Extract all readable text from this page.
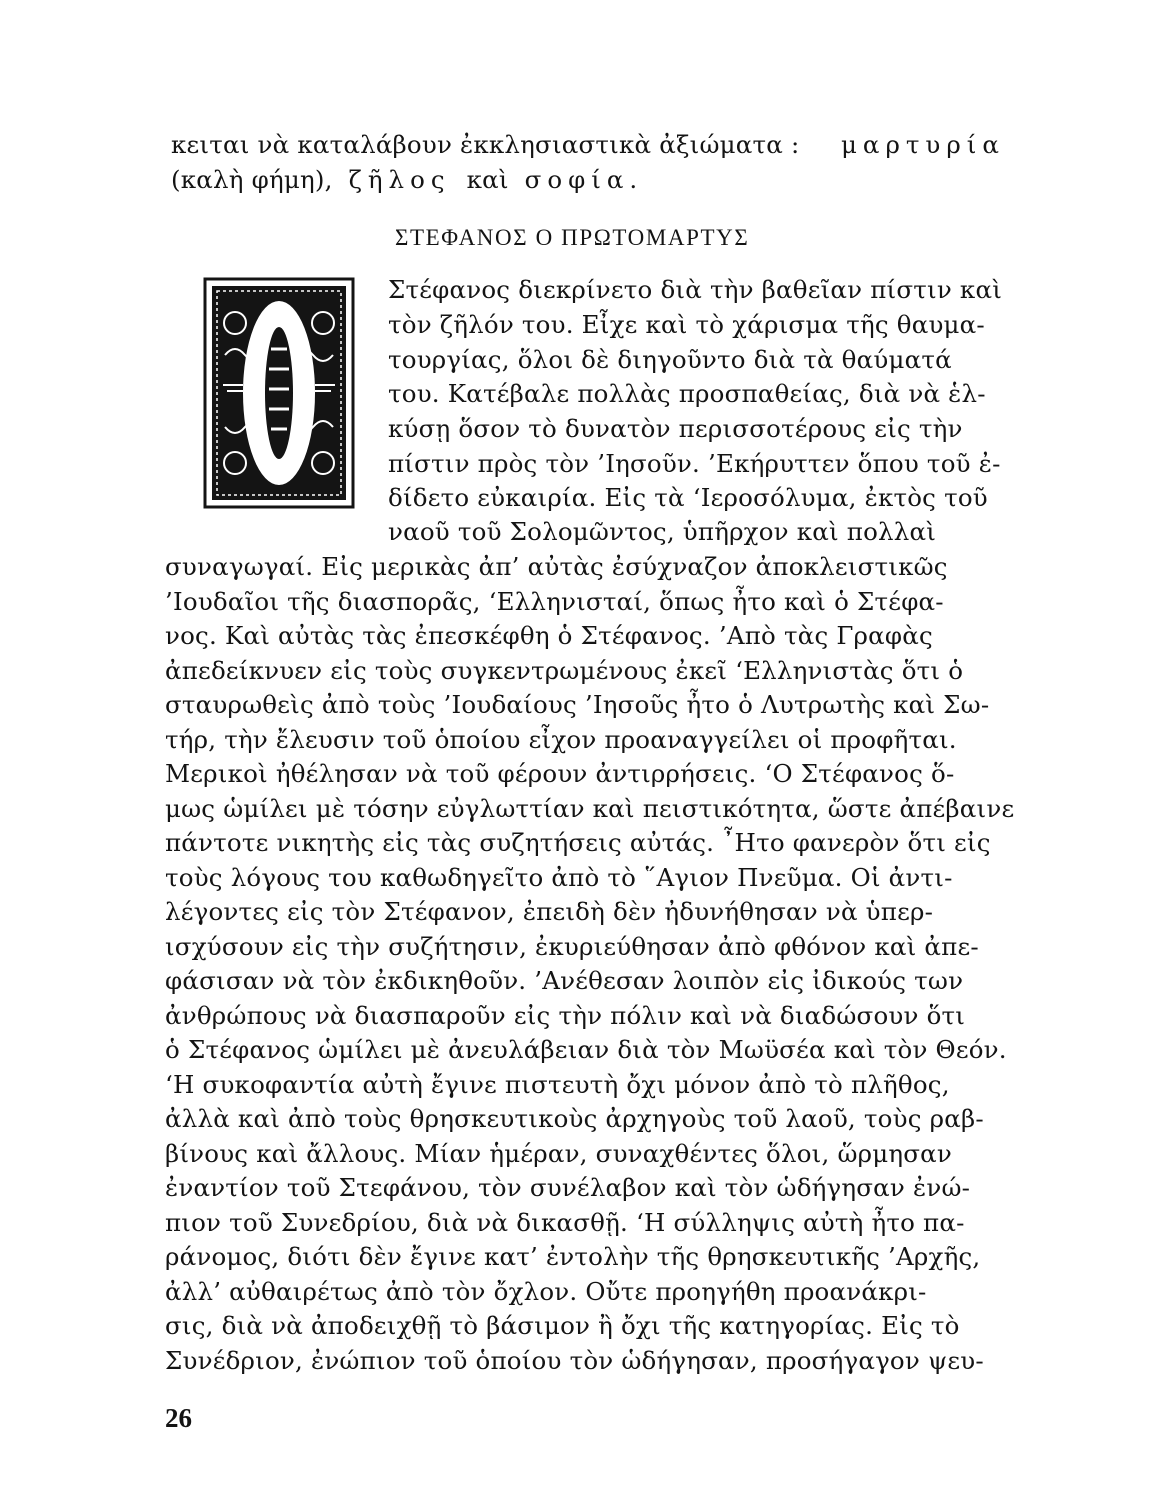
κειται νὰ καταλάβουν ἐκκλησιαστικὰ ἀξιώματα : μαρτυρία
(καλὴ φήμη), ζῆλος καὶ σοφία.
ΣΤΕΦΑΝΟΣ Ο ΠΡΩΤΟΜΑΡΤΥΣ
Στέφανος διεκρίνετο διὰ τὴν βαθεῖαν πίστιν καὶ
τὸν ζῆλόν του. Εἶχε καὶ τὸ χάρισμα τῆς θαυμα-
τουργίας, ὅλοι δὲ διηγοῦντο διὰ τὰ θαύματά
του. Κατέβαλε πολλὰς προσπαθείας, διὰ νὰ ἑλ-
κύσῃ ὅσον τὸ δυνατὸν περισσοτέρους εἰς τὴν
πίστιν πρὸς τὸν ’Ιησοῦν. ’Εκήρυττεν ὅπου τοῦ ἐ-
δίδετο εὐκαιρία. Εἰς τὰ ‘Ιεροσόλυμα, ἐκτὸς τοῦ
ναοῦ τοῦ Σολομῶντος, ὑπῆρχον καὶ πολλαὶ
συναγωγαί. Εἰς μερικὰς ἀπ’ αὐτὰς ἐσύχναζον ἀποκλειστικῶς
’Ιουδαῖοι τῆς διασπορᾶς, ‘Ελληνισταί, ὅπως ἦτο καὶ ὁ Στέφα-
νος. Καὶ αὐτὰς τὰς ἐπεσκέφθη ὁ Στέφανος. ’Απὸ τὰς Γραφὰς
ἀπεδείκνυεν εἰς τοὺς συγκεντρωμένους ἐκεῖ ‘Ελληνιστὰς ὅτι ὁ
σταυρωθεὶς ἀπὸ τοὺς ’Ιουδαίους ’Ιησοῦς ἦτο ὁ Λυτρωτὴς καὶ Σω-
τήρ, τὴν ἔλευσιν τοῦ ὁποίου εἶχον προαναγγείλει οἱ προφῆται.
Μερικοὶ ἠθέλησαν νὰ τοῦ φέρουν ἀντιρρήσεις. ‘Ο Στέφανος ὅ-
μως ὡμίλει μὲ τόσην εὐγλωττίαν καὶ πειστικότητα, ὥστε ἀπέβαινε
πάντοτε νικητὴς εἰς τὰς συζητήσεις αὐτάς. ῏Ητο φανερὸν ὅτι εἰς
τοὺς λόγους του καθωδηγεῖτο ἀπὸ τὸ ῞Αγιον Πνεῦμα. Οἱ ἀντι-
λέγοντες εἰς τὸν Στέφανον, ἐπειδὴ δὲν ἠδυνήθησαν νὰ ὑπερ-
ισχύσουν εἰς τὴν συζήτησιν, ἐκυριεύθησαν ἀπὸ φθόνον καὶ ἀπε-
φάσισαν νὰ τὸν ἐκδικηθοῦν. ’Ανέθεσαν λοιπὸν εἰς ἰδικούς των
ἀνθρώπους νὰ διασπαροῦν εἰς τὴν πόλιν καὶ νὰ διαδώσουν ὅτι
ὁ Στέφανος ὡμίλει μὲ ἀνευλάβειαν διὰ τὸν Μωϋσέα καὶ τὸν Θεόν.
‘Η συκοφαντία αὐτὴ ἔγινε πιστευτὴ ὄχι μόνον ἀπὸ τὸ πλῆθος,
ἀλλὰ καὶ ἀπὸ τοὺς θρησκευτικοὺς ἀρχηγοὺς τοῦ λαοῦ, τοὺς ραβ-
βίνους καὶ ἄλλους. Μίαν ἡμέραν, συναχθέντες ὅλοι, ὥρμησαν
ἐναντίον τοῦ Στεφάνου, τὸν συνέλαβον καὶ τὸν ὡδήγησαν ἐνώ-
πιον τοῦ Συνεδρίου, διὰ νὰ δικασθῇ. ‘Η σύλληψις αὐτὴ ἦτο πα-
ράνομος, διότι δὲν ἔγινε κατ’ ἐντολὴν τῆς θρησκευτικῆς ’Αρχῆς,
ἀλλ’ αὐθαιρέτως ἀπὸ τὸν ὄχλον. Οὔτε προηγήθη προανάκρι-
σις, διὰ νὰ ἀποδειχθῇ τὸ βάσιμον ἢ ὄχι τῆς κατηγορίας. Εἰς τὸ
Συνέδριον, ἐνώπιον τοῦ ὁποίου τὸν ὡδήγησαν, προσήγαγον ψευ-
26
